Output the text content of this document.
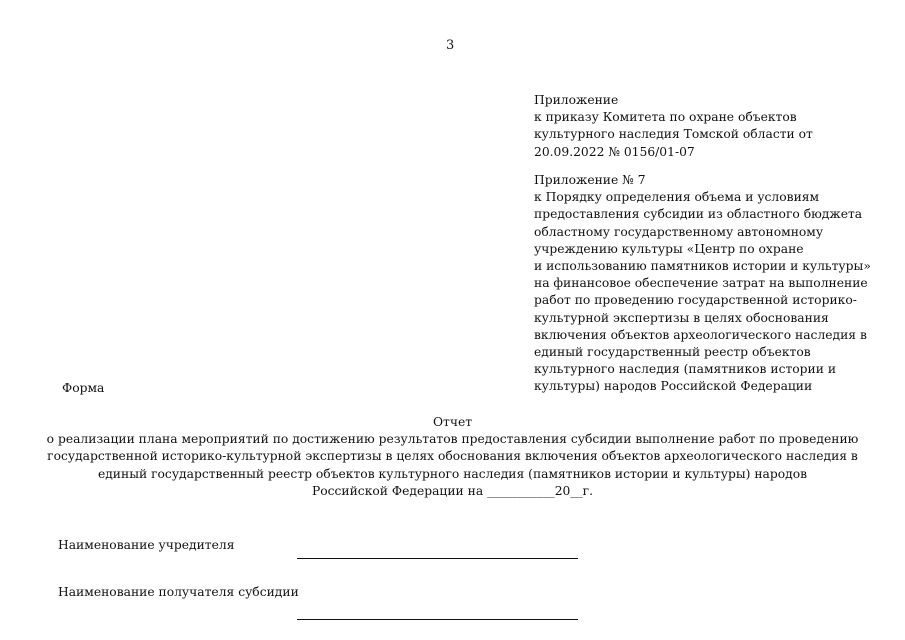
3
Приложение
к приказу Комитета по охране объектов
культурного наследия Томской области от
20.09.2022 № 0156/01-07
Приложение № 7
к Порядку определения объема и условиям
предоставления субсидии из областного бюджета
областному государственному автономному
учреждению культуры «Центр по охране
и использованию памятников истории и культуры»
на финансовое обеспечение затрат на выполнение
работ по проведению государственной историко-
культурной экспертизы в целях обоснования
включения объектов археологического наследия в
единый государственный реестр объектов
культурного наследия (памятников истории и
культуры) народов Российской Федерации
Форма
Отчет
о реализации плана мероприятий по достижению результатов предоставления субсидии выполнение работ по проведению
государственной историко-культурной экспертизы в целях обоснования включения объектов археологического наследия в
единый государственный реестр объектов культурного наследия (памятников истории и культуры) народов
Российской Федерации на ___________20__г.
Наименование учредителя
Наименование получателя субсидии
